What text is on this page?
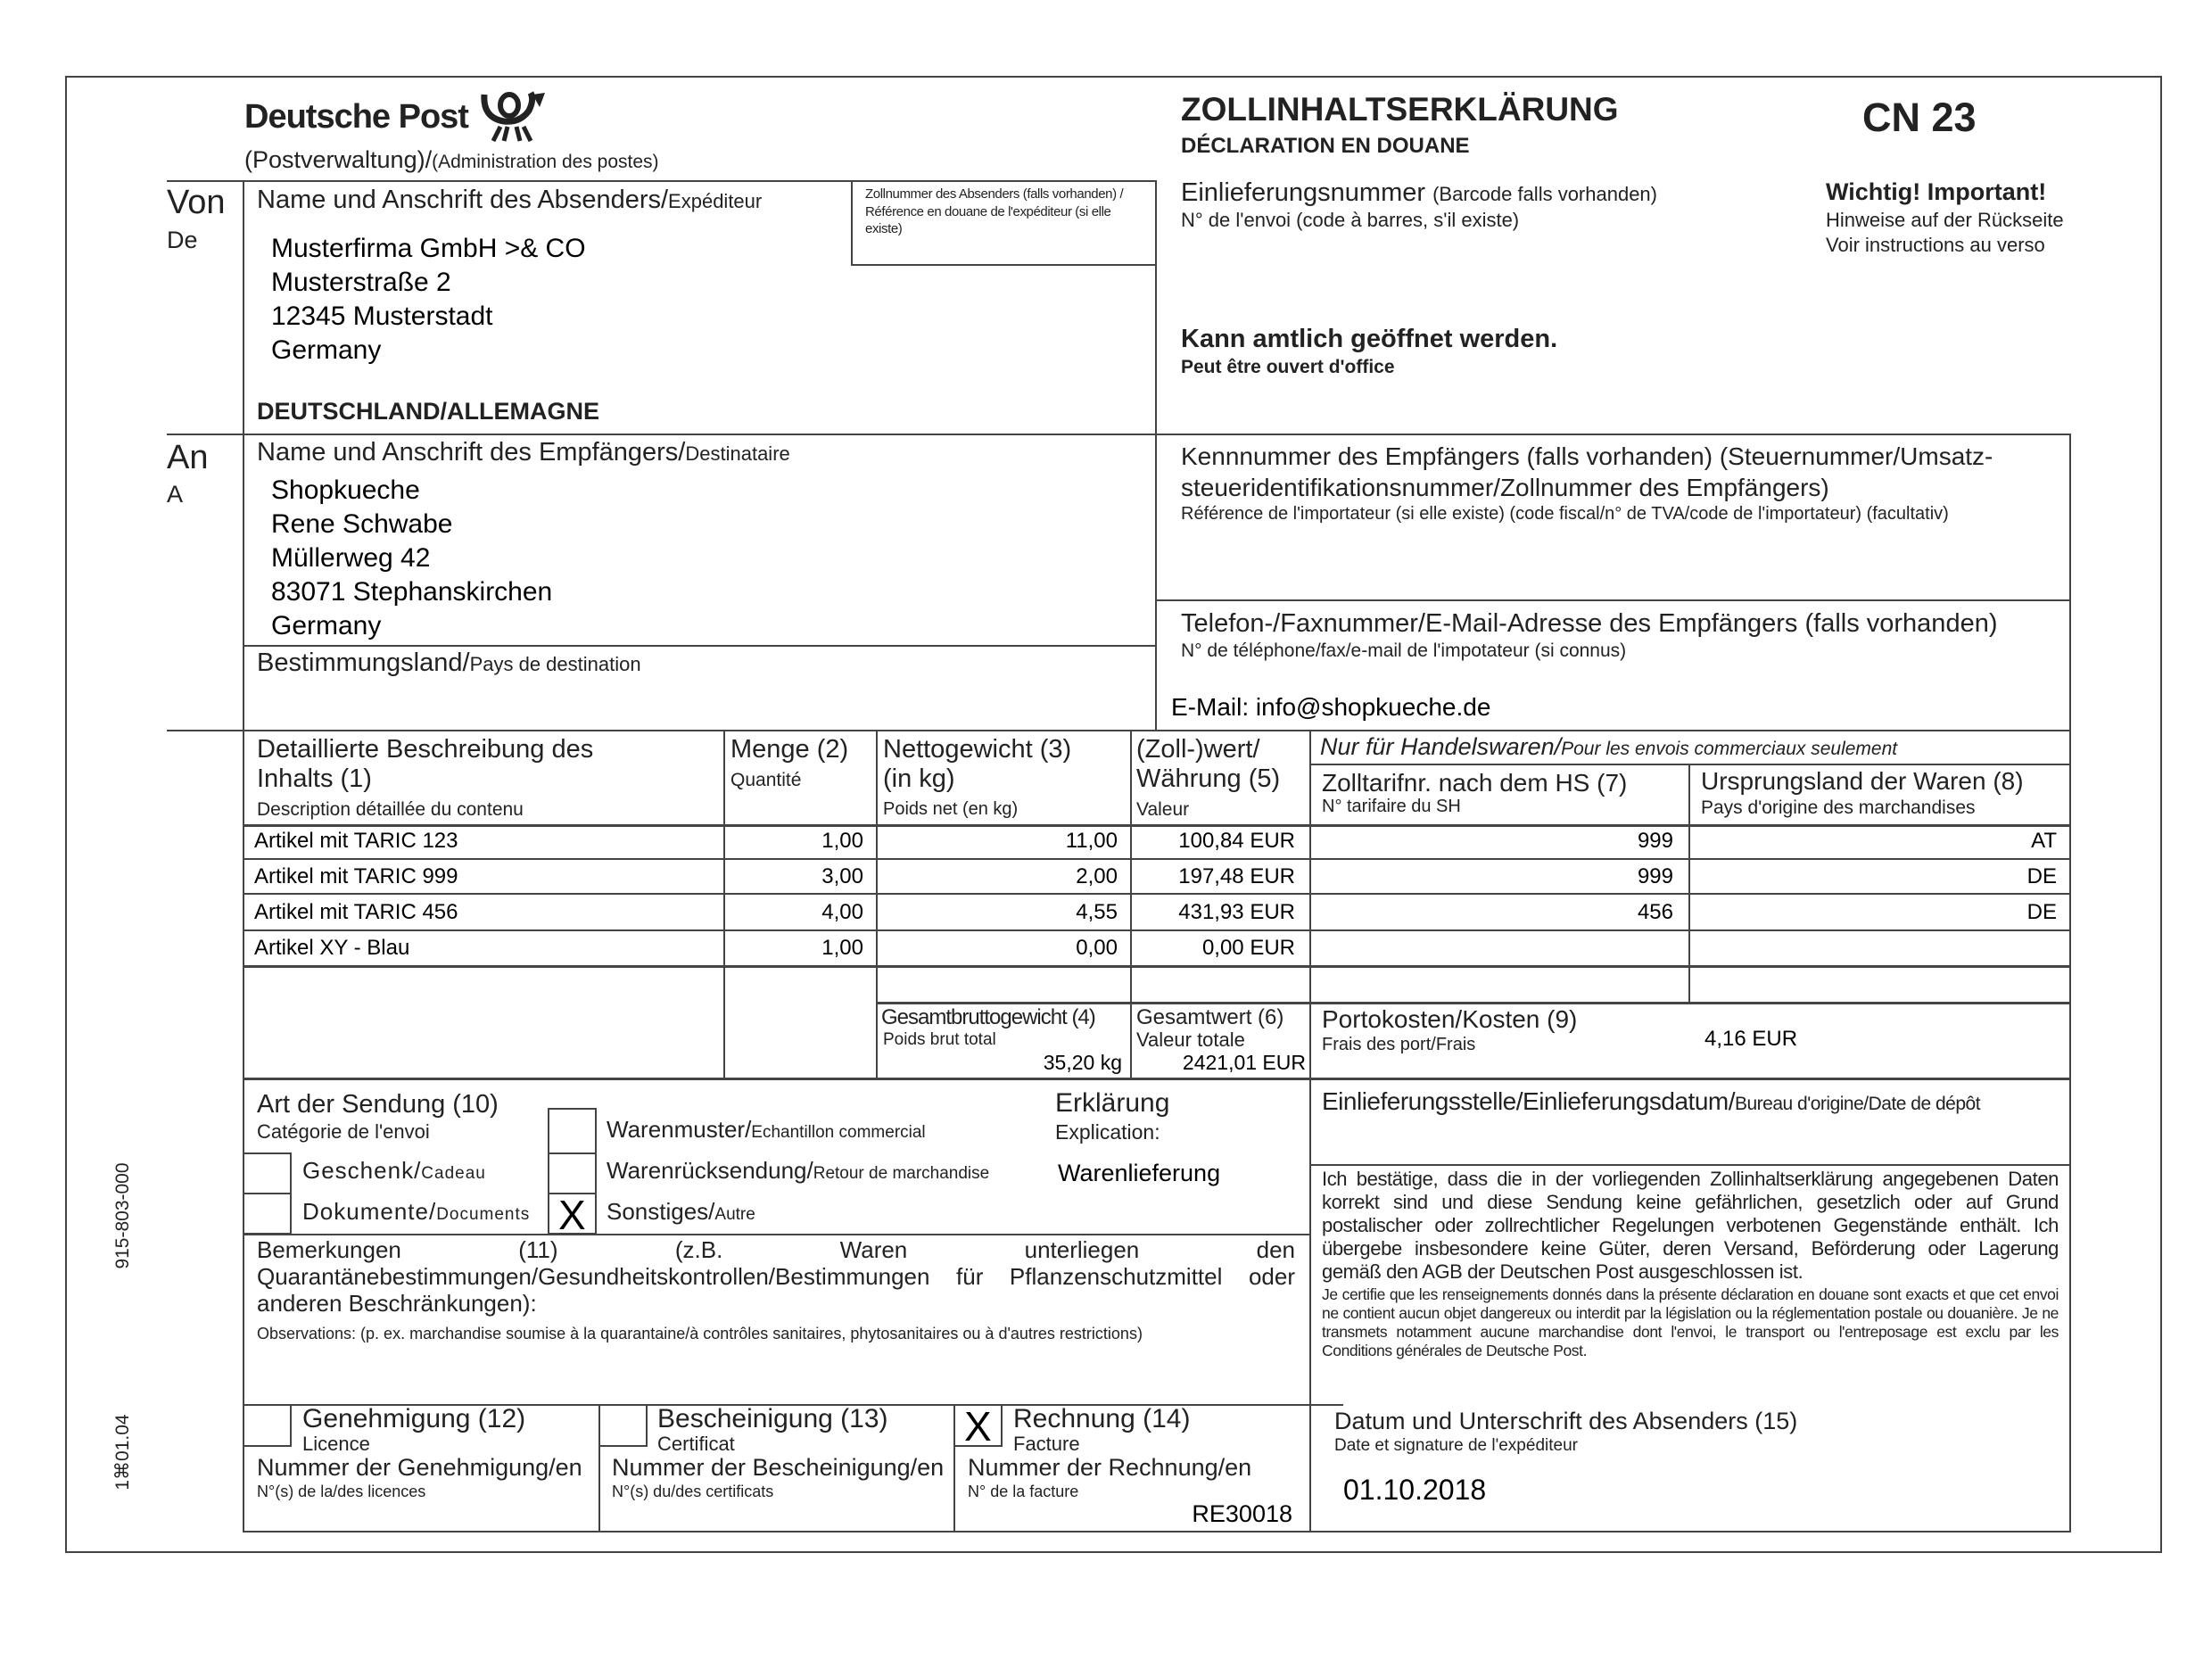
Deutsche Post
(Postverwaltung)/(Administration des postes)
ZOLLINHALTSERKLÄRUNG
DÉCLARATION EN DOUANE
CN 23
Von
De
Name und Anschrift des Absenders/Expéditeur	Zollnummer des Absenders (falls vorhanden) / Référence en douane de l'expéditeur (si elle existe)
Musterfirma GmbH >& CO
Musterstraße 2
12345 Musterstadt
Germany
DEUTSCHLAND/ALLEMAGNE
Einlieferungsnummer (Barcode falls vorhanden)
N° de l'envoi (code à barres, s'il existe)
Wichtig! Important!
Hinweise auf der Rückseite
Voir instructions au verso
Kann amtlich geöffnet werden.
Peut être ouvert d'office
An
A
Name und Anschrift des Empfängers/Destinataire
Shopkueche
Rene Schwabe
Müllerweg 42
83071 Stephanskirchen
Germany
Bestimmungsland/Pays de destination
Kennnummer des Empfängers (falls vorhanden) (Steuernummer/Umsatz-
steueridentifikationsnummer/Zollnummer des Empfängers)
Référence de l'importateur (si elle existe) (code fiscal/n° de TVA/code de l'importateur) (facultativ)
Telefon-/Faxnummer/E-Mail-Adresse des Empfängers (falls vorhanden)
N° de téléphone/fax/e-mail de l'impotateur (si connus)
E-Mail: info@shopkueche.de
Detaillierte Beschreibung des
Inhalts (1)
Description détaillée du contenu
Menge (2)
Quantité
Nettogewicht (3)
(in kg)
Poids net (en kg)
(Zoll-)wert/
Währung (5)
Valeur
Nur für Handelswaren/Pour les envois commerciaux seulement
Zolltarifnr. nach dem HS (7)
N° tarifaire du SH
Ursprungsland der Waren (8)
Pays d'origine des marchandises
Artikel mit TARIC 123	1,00	11,00	100,84 EUR	999	AT
Artikel mit TARIC 999	3,00	2,00	197,48 EUR	999	DE
Artikel mit TARIC 456	4,00	4,55	431,93 EUR	456	DE
Artikel XY - Blau	1,00	0,00	0,00 EUR
Gesamtbruttogewicht (4)
Poids brut total
35,20 kg
Gesamtwert (6)
Valeur totale
2421,01 EUR
Portokosten/Kosten (9)
Frais des port/Frais	4,16 EUR
Art der Sendung (10)
Catégorie de l'envoi
X
Geschenk/Cadeau
Dokumente/Documents
Warenmuster/Echantillon commercial
Warenrücksendung/Retour de marchandise
Sonstiges/Autre
Erklärung
Explication:
Warenlieferung
Bemerkungen (11) (z.B. Waren unterliegen den Quarantänebestimmungen/Gesundheitskontrollen/Bestimmungen für Pflanzenschutzmittel oder anderen Beschränkungen):
Observations: (p. ex. marchandise soumise à la quarantaine/à contrôles sanitaires, phytosanitaires ou à d'autres restrictions)
X
Genehmigung (12)
Licence
Nummer der Genehmigung/en
N°(s) de la/des licences
Bescheinigung (13)
Certificat
Nummer der Bescheinigung/en
N°(s) du/des certificats
Rechnung (14)
Facture
Nummer der Rechnung/en
N° de la facture
RE30018
Einlieferungsstelle/Einlieferungsdatum/Bureau d'origine/Date de dépôt
Ich bestätige, dass die in der vorliegenden Zollinhaltserklärung angegebenen Daten korrekt sind und diese Sendung keine gefährlichen, gesetzlich oder auf Grund postalischer oder zollrechtlicher Regelungen verbotenen Gegenstände enthält. Ich übergebe insbesondere keine Güter, deren Versand, Beförderung oder Lagerung gemäß den AGB der Deutschen Post ausgeschlossen ist.
Je certifie que les renseignements donnés dans la présente déclaration en douane sont exacts et que cet envoi ne contient aucun objet dangereux ou interdit par la législation ou la réglementation postale ou douanière. Je ne transmets notamment aucune marchandise dont l'envoi, le transport ou l'entreposage est exclu par les Conditions générales de Deutsche Post.
Datum und Unterschrift des Absenders (15)
Date et signature de l'expéditeur
01.10.2018
915-803-000
1⌘01.04
